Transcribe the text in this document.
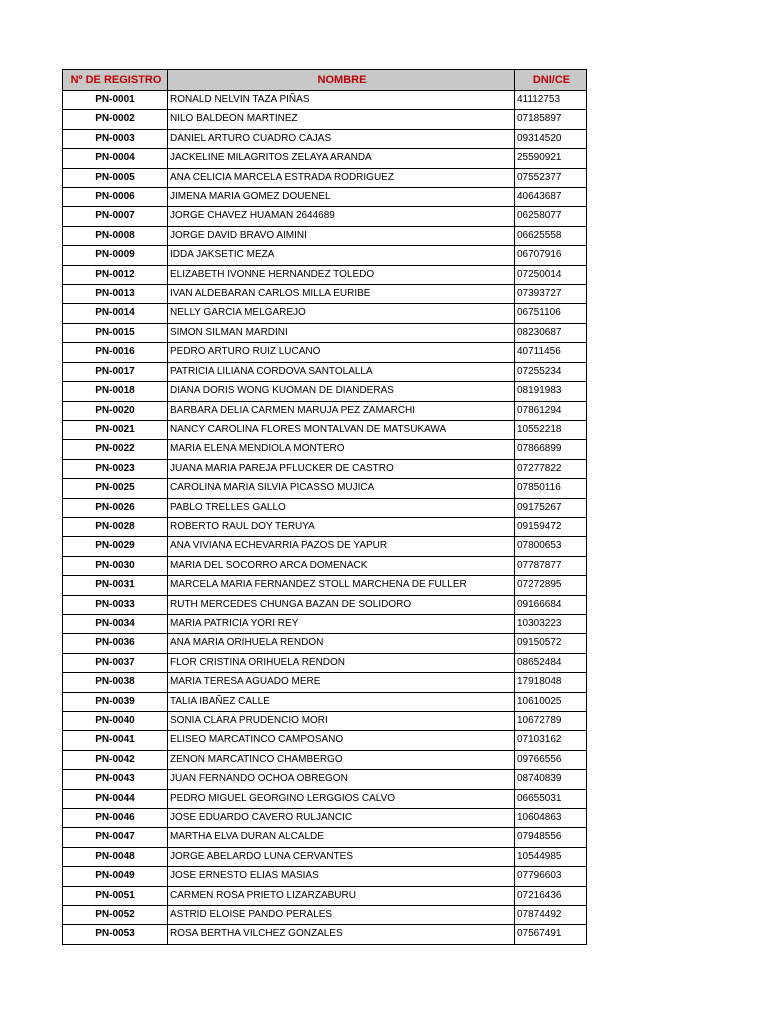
Nº DE REGISTRO	NOMBRE	DNI/CE
PN-0001	RONALD NELVIN TAZA PIÑAS	41112753
PN-0002	NILO BALDEON MARTINEZ	07185897
PN-0003	DANIEL ARTURO CUADRO CAJAS	09314520
PN-0004	JACKELINE MILAGRITOS ZELAYA ARANDA	25590921
PN-0005	ANA CELICIA MARCELA ESTRADA RODRIGUEZ	07552377
PN-0006	JIMENA MARIA GOMEZ DOUENEL	40643687
PN-0007	JORGE CHAVEZ HUAMAN 2644689	06258077
PN-0008	JORGE DAVID BRAVO AIMINI	06625558
PN-0009	IDDA JAKSETIC MEZA	06707916
PN-0012	ELIZABETH IVONNE HERNANDEZ TOLEDO	07250014
PN-0013	IVAN ALDEBARAN CARLOS MILLA EURIBE	07393727
PN-0014	NELLY GARCIA MELGAREJO	06751106
PN-0015	SIMON SILMAN MARDINI	08230687
PN-0016	PEDRO ARTURO RUIZ LUCANO	40711456
PN-0017	PATRICIA LILIANA CORDOVA SANTOLALLA	07255234
PN-0018	DIANA DORIS WONG KUOMAN DE DIANDERAS	08191983
PN-0020	BARBARA DELIA CARMEN MARUJA PEZ ZAMARCHI	07861294
PN-0021	NANCY CAROLINA FLORES MONTALVAN DE MATSUKAWA	10552218
PN-0022	MARIA ELENA MENDIOLA MONTERO	07866899
PN-0023	JUANA MARIA PAREJA PFLUCKER DE CASTRO	07277822
PN-0025	CAROLINA MARIA SILVIA PICASSO MUJICA	07850116
PN-0026	PABLO TRELLES GALLO	09175267
PN-0028	ROBERTO RAUL DOY TERUYA	09159472
PN-0029	ANA VIVIANA ECHEVARRIA PAZOS DE YAPUR	07800653
PN-0030	MARIA DEL SOCORRO ARCA DOMENACK	07787877
PN-0031	MARCELA MARIA FERNANDEZ STOLL MARCHENA DE FULLER	07272895
PN-0033	RUTH MERCEDES CHUNGA BAZAN DE SOLIDORO	09166684
PN-0034	MARIA PATRICIA YORI REY	10303223
PN-0036	ANA MARIA ORIHUELA RENDON	09150572
PN-0037	FLOR CRISTINA ORIHUELA RENDON	08652484
PN-0038	MARIA TERESA AGUADO MERE	17918048
PN-0039	TALIA IBAÑEZ CALLE	10610025
PN-0040	SONIA CLARA PRUDENCIO MORI	10672789
PN-0041	ELISEO MARCATINCO CAMPOSANO	07103162
PN-0042	ZENON MARCATINCO CHAMBERGO	09766556
PN-0043	JUAN FERNANDO OCHOA OBREGON	08740839
PN-0044	PEDRO MIGUEL GEORGINO LERGGIOS CALVO	06655031
PN-0046	JOSE EDUARDO CAVERO RULJANCIC	10604863
PN-0047	MARTHA ELVA DURAN ALCALDE	07948556
PN-0048	JORGE ABELARDO LUNA CERVANTES	10544985
PN-0049	JOSE ERNESTO ELIAS MASIAS	07796603
PN-0051	CARMEN ROSA PRIETO LIZARZABURU	07216436
PN-0052	ASTRID ELOISE PANDO PERALES	07874492
PN-0053	ROSA BERTHA VILCHEZ GONZALES	07567491
